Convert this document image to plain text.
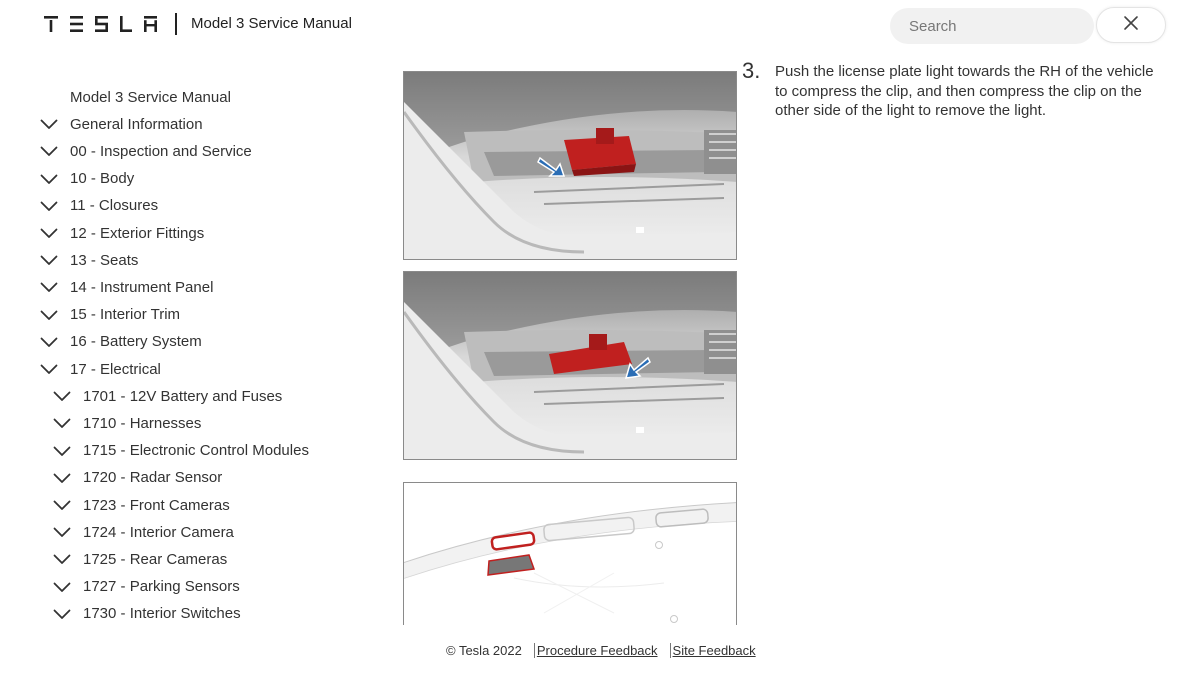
Model 3 Service Manual
Search
Model 3 Service Manual
General Information
00 - Inspection and Service
10 - Body
11 - Closures
12 - Exterior Fittings
13 - Seats
14 - Instrument Panel
15 - Interior Trim
16 - Battery System
17 - Electrical
1701 - 12V Battery and Fuses
1710 - Harnesses
1715 - Electronic Control Modules
1720 - Radar Sensor
1723 - Front Cameras
1724 - Interior Camera
1725 - Rear Cameras
1727 - Parking Sensors
1730 - Interior Switches
3. Push the license plate light towards the RH of the vehicle to compress the clip, and then compress the clip on the other side of the light to remove the light.
© Tesla 2022 Procedure Feedback Site Feedback
